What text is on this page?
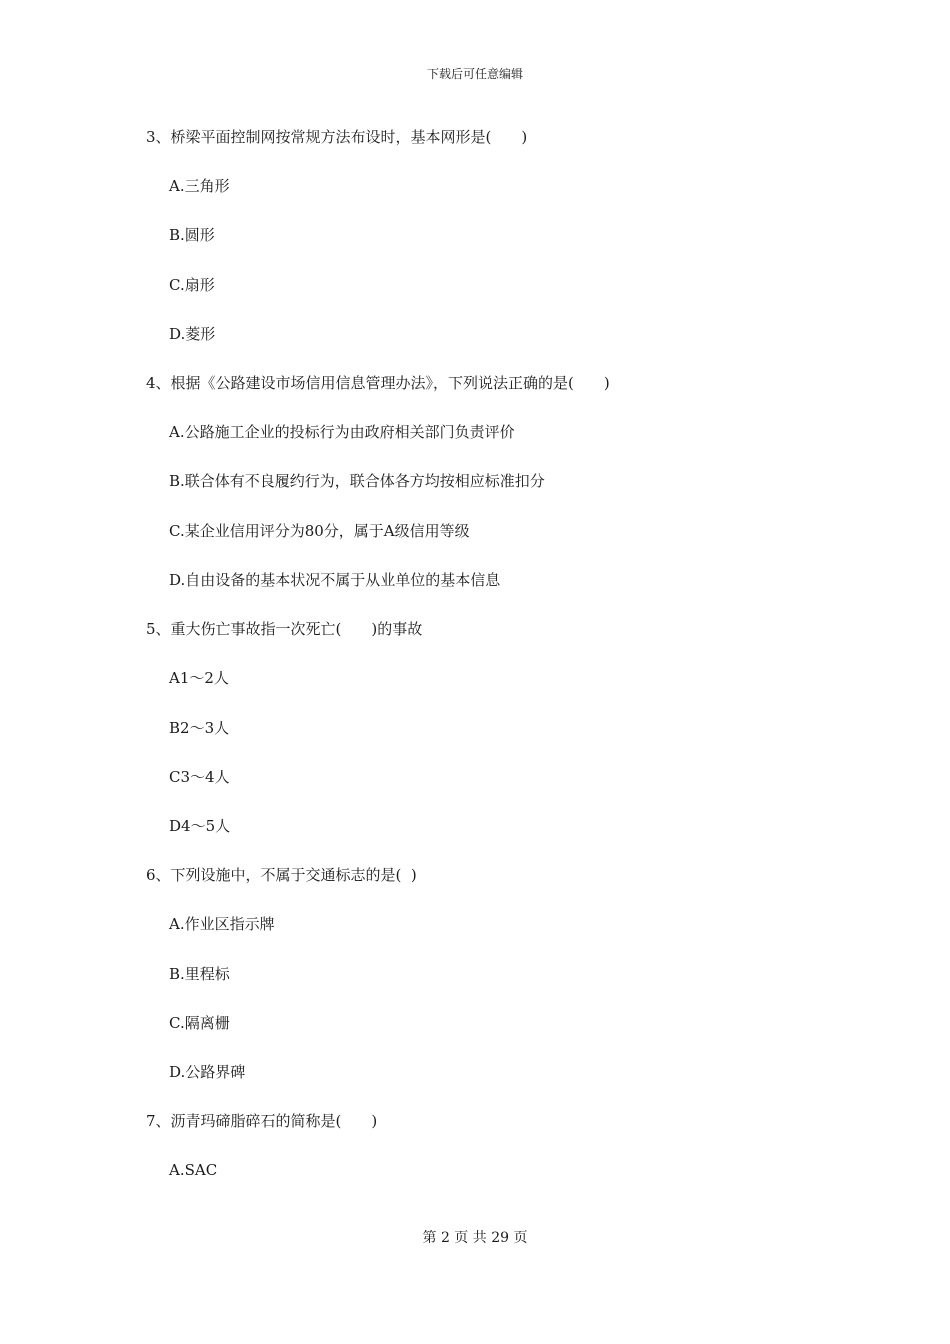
下载后可任意编辑
3、桥梁平面控制网按常规方法布设时，基本网形是(　　)
A.三角形
B.圆形
C.扇形
D.菱形
4、根据《公路建设市场信用信息管理办法》，下列说法正确的是(　　)
A.公路施工企业的投标行为由政府相关部门负责评价
B.联合体有不良履约行为，联合体各方均按相应标准扣分
C.某企业信用评分为80分，属于A级信用等级
D.自由设备的基本状况不属于从业单位的基本信息
5、重大伤亡事故指一次死亡(　　)的事故
A1～2人
B2～3人
C3～4人
D4～5人
6、下列设施中，不属于交通标志的是(  )
A.作业区指示牌
B.里程标
C.隔离栅
D.公路界碑
7、沥青玛碲脂碎石的简称是(　　)
A.SAC
第 2 页 共 29 页
